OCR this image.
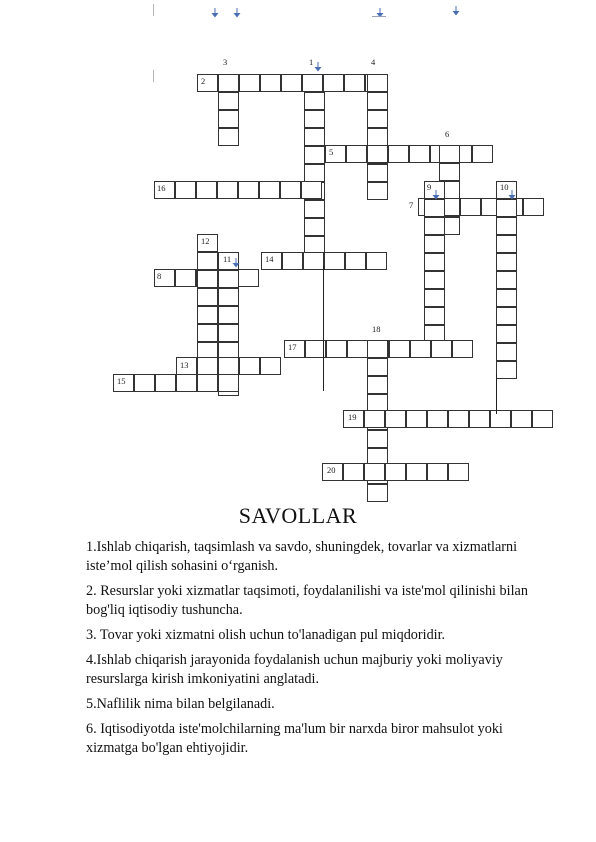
1
2
3	4
5
6
7
8
9	10
11
12
13
14
15
16
17
18
19
20
SAVOLLAR

1.Ishlab chiqarish, taqsimlash va savdo, shuningdek, tovarlar va xizmatlarni iste’mol qilish sohasini o‘rganish.

2. Resurslar yoki xizmatlar taqsimoti, foydalanilishi va iste'mol qilinishi bilan bog'liq iqtisodiy tushuncha.

3. Tovar yoki xizmatni olish uchun to'lanadigan pul miqdoridir.

4.Ishlab chiqarish jarayonida foydalanish uchun majburiy yoki moliyaviy resurslarga kirish imkoniyatini anglatadi.

5.Naflilik nima bilan belgilanadi.

6. Iqtisodiyotda iste'molchilarning ma'lum bir narxda biror mahsulot yoki xizmatga bo'lgan ehtiyojidir.
